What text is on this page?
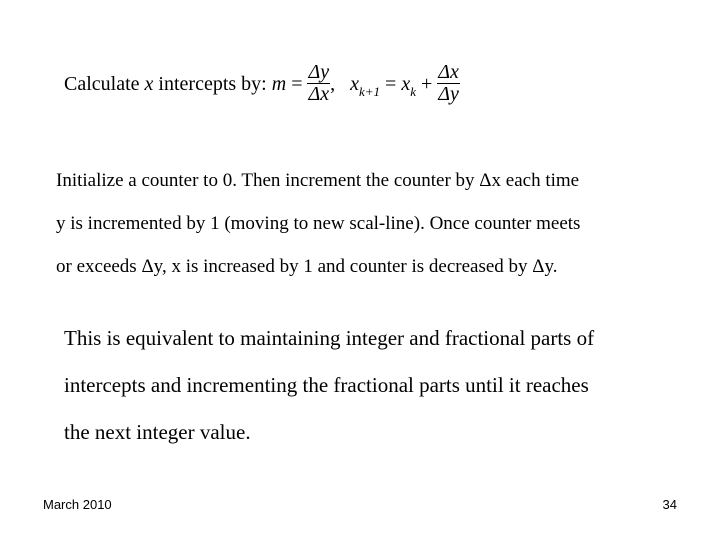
Calculate x intercepts by: $m = \frac{\Delta y}{\Delta x}$ , $x_{k+1} = x_k + \frac{\Delta x}{\Delta y}$
Initialize a counter to 0. Then increment the counter by Δx each time
y is incremented by 1 (moving to new scal-line). Once counter meets
or exceeds Δy, x is increased by 1 and counter is decreased by Δy.
This is equivalent to maintaining integer and fractional parts of
intercepts and incrementing the fractional parts until it reaches
the next integer value.
March 2010	34
